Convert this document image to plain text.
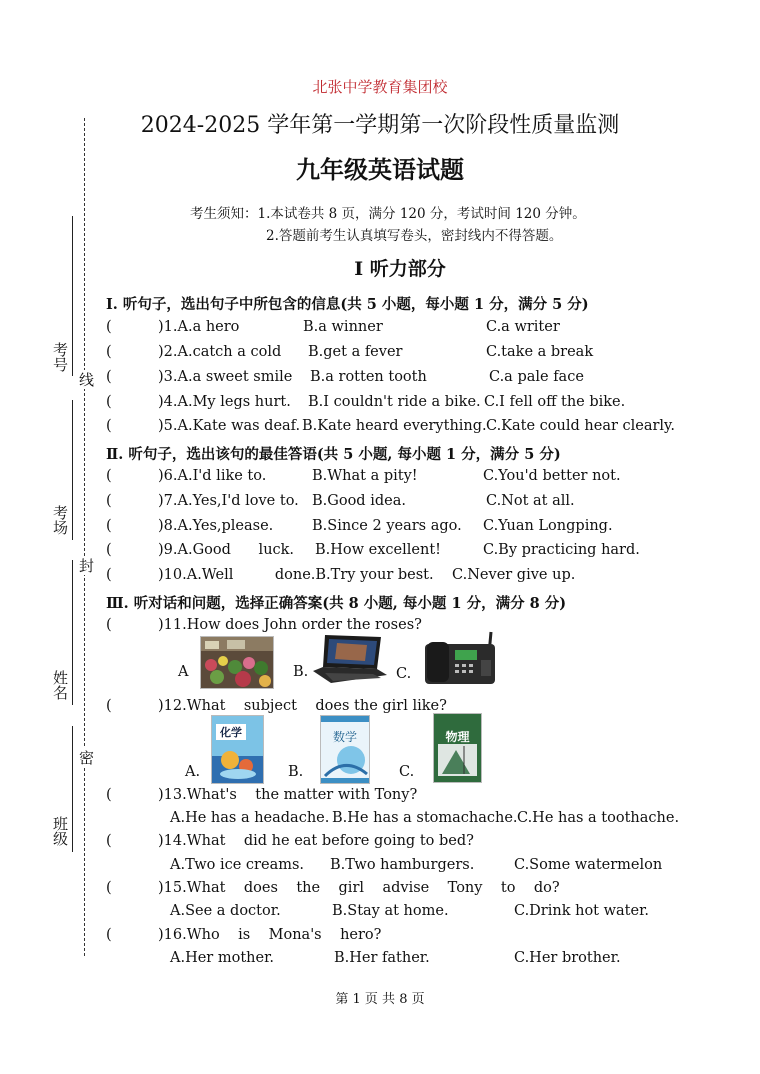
北张中学教育集团校
2024-2025 学年第一学期第一次阶段性质量监测
九年级英语试题
考生须知：1.本试卷共 8 页，满分 120 分，考试时间 120 分钟。
2.答题前考生认真填写卷头，密封线内不得答题。
I 听力部分
线
封
密
考号
考场
姓名
班级
I. 听句子，选出句子中所包含的信息(共 5 小题，每小题 1 分，满分 5 分)
(	)1.A.a hero	B.a winner	C.a writer
(	)2.A.catch a cold B.get a fever	C.take a break
(	)3.A.a sweet smile B.a rotten tooth	C.a pale face
(	)4.A.My legs hurt. B.I couldn't ride a bike. C.I fell off the bike.
(	)5.A.Kate was deaf. B.Kate heard everything. C.Kate could hear clearly.
Ⅱ. 听句子，选出该句的最佳答语(共 5 小题, 每小题 1 分，满分 5 分)
(	)6.A.I'd like to.	B.What a pity!	C.You'd better not.
(	)7.A.Yes,I'd love to. B.Good idea.	C.Not at all.
(	)8.A.Yes,please.	B.Since 2 years ago. C.Yuan Longping.
(	)9.A.Good      luck. B.How excellent!	C.By practicing hard.
(	)10.A.Well         done.B.Try your best.    C.Never give up.
Ⅲ. 听对话和问题，选择正确答案(共 8 小题, 每小题 1 分，满分 8 分)
(	)11.How does John order the roses?
A	B.	C.
(	)12.What    subject    does the girl like?
A.	B.	C.
化学	数学	物理
(	)13.What's    the matter with Tony?
A.He has a headache. B.He has a stomachache. C.He has a toothache.
(	)14.What    did he eat before going to bed?
A.Two ice creams. B.Two hamburgers.	C.Some watermelon
(	)15.What    does    the    girl    advise    Tony    to    do?
A.See a doctor.	B.Stay at home.	C.Drink hot water.
(	)16.Who    is    Mona's    hero?
A.Her mother.	B.Her father.	C.Her brother.
第 1 页 共 8 页
